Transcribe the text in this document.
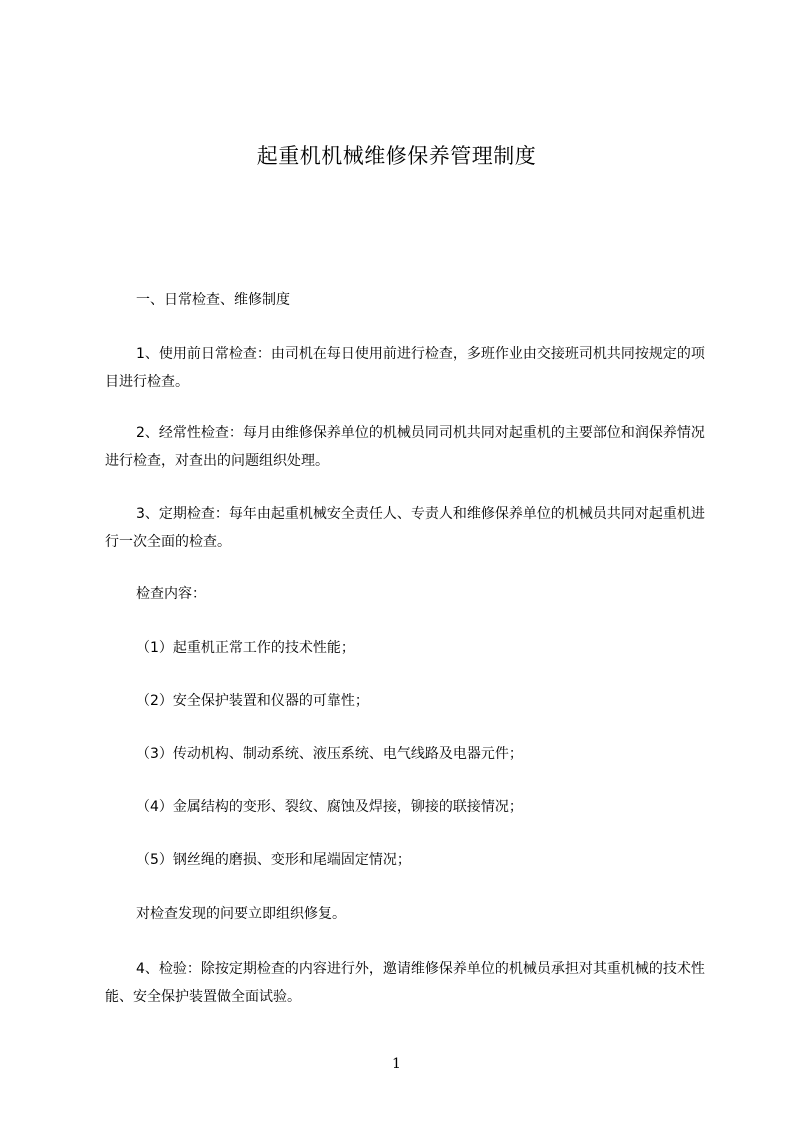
起重机机械维修保养管理制度
一、日常检查、维修制度
1、使用前日常检查：由司机在每日使用前进行检查，多班作业由交接班司机共同按规定的项目进行检查。
2、经常性检查：每月由维修保养单位的机械员同司机共同对起重机的主要部位和润保养情况进行检查，对查出的问题组织处理。
3、定期检查：每年由起重机械安全责任人、专责人和维修保养单位的机械员共同对起重机进行一次全面的检查。
检查内容：
（1）起重机正常工作的技术性能；
（2）安全保护装置和仪器的可靠性；
（3）传动机构、制动系统、液压系统、电气线路及电器元件；
（4）金属结构的变形、裂纹、腐蚀及焊接，铆接的联接情况；
（5）钢丝绳的磨损、变形和尾端固定情况；
对检查发现的问要立即组织修复。
4、检验：除按定期检查的内容进行外，邀请维修保养单位的机械员承担对其重机械的技术性能、安全保护装置做全面试验。
1
